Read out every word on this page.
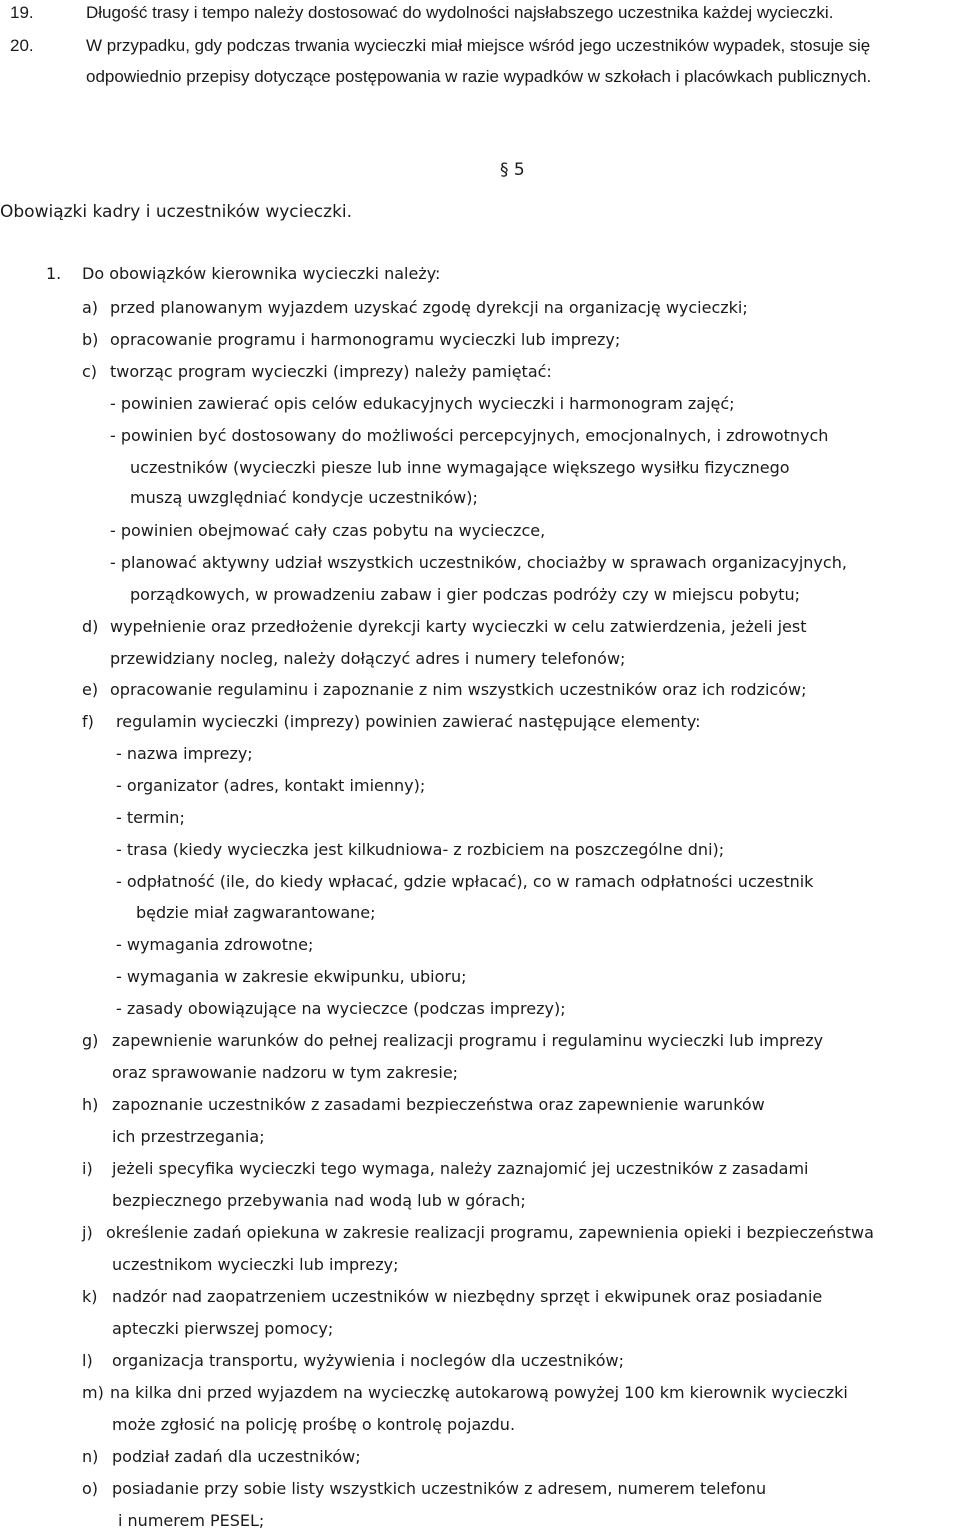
19.	Długość trasy i tempo należy dostosować do wydolności najsłabszego uczestnika każdej wycieczki.
20.	W przypadku, gdy podczas trwania wycieczki miał miejsce wśród jego uczestników wypadek, stosuje się
odpowiednio przepisy dotyczące postępowania w razie wypadków w szkołach i placówkach publicznych.
§ 5
Obowiązki kadry i uczestników wycieczki.
1. Do obowiązków kierownika wycieczki należy:
a) przed planowanym wyjazdem uzyskać zgodę dyrekcji na organizację wycieczki;
b) opracowanie programu i harmonogramu wycieczki lub imprezy;
c) tworząc program wycieczki (imprezy) należy pamiętać:
- powinien zawierać opis celów edukacyjnych wycieczki i harmonogram zajęć;
- powinien być dostosowany do możliwości percepcyjnych, emocjonalnych, i zdrowotnych
uczestników (wycieczki piesze lub inne wymagające większego wysiłku fizycznego
muszą uwzględniać kondycje uczestników);
- powinien obejmować cały czas pobytu na wycieczce,
- planować aktywny udział wszystkich uczestników, chociażby w sprawach organizacyjnych,
porządkowych, w prowadzeniu zabaw i gier podczas podróży czy w miejscu pobytu;
d) wypełnienie oraz przedłożenie dyrekcji karty wycieczki w celu zatwierdzenia, jeżeli jest
przewidziany nocleg, należy dołączyć adres i numery telefonów;
e) opracowanie regulaminu i zapoznanie z nim wszystkich uczestników oraz ich rodziców;
f) regulamin wycieczki (imprezy) powinien zawierać następujące elementy:
- nazwa imprezy;
- organizator (adres, kontakt imienny);
- termin;
- trasa (kiedy wycieczka jest kilkudniowa- z rozbiciem na poszczególne dni);
- odpłatność (ile, do kiedy wpłacać, gdzie wpłacać), co w ramach odpłatności uczestnik
będzie miał zagwarantowane;
- wymagania zdrowotne;
- wymagania w zakresie ekwipunku, ubioru;
- zasady obowiązujące na wycieczce (podczas imprezy);
g) zapewnienie warunków do pełnej realizacji programu i regulaminu wycieczki lub imprezy
oraz sprawowanie nadzoru w tym zakresie;
h) zapoznanie uczestników z zasadami bezpieczeństwa oraz zapewnienie warunków
ich przestrzegania;
i) jeżeli specyfika wycieczki tego wymaga, należy zaznajomić jej uczestników z zasadami
bezpiecznego przebywania nad wodą lub w górach;
j) określenie zadań opiekuna w zakresie realizacji programu, zapewnienia opieki i bezpieczeństwa
uczestnikom wycieczki lub imprezy;
k) nadzór nad zaopatrzeniem uczestników w niezbędny sprzęt i ekwipunek oraz posiadanie
apteczki pierwszej pomocy;
l) organizacja transportu, wyżywienia i noclegów dla uczestników;
m) na kilka dni przed wyjazdem na wycieczkę autokarową powyżej 100 km kierownik wycieczki
może zgłosić na policję prośbę o kontrolę pojazdu.
n) podział zadań dla uczestników;
o) posiadanie przy sobie listy wszystkich uczestników z adresem, numerem telefonu
i numerem PESEL;
